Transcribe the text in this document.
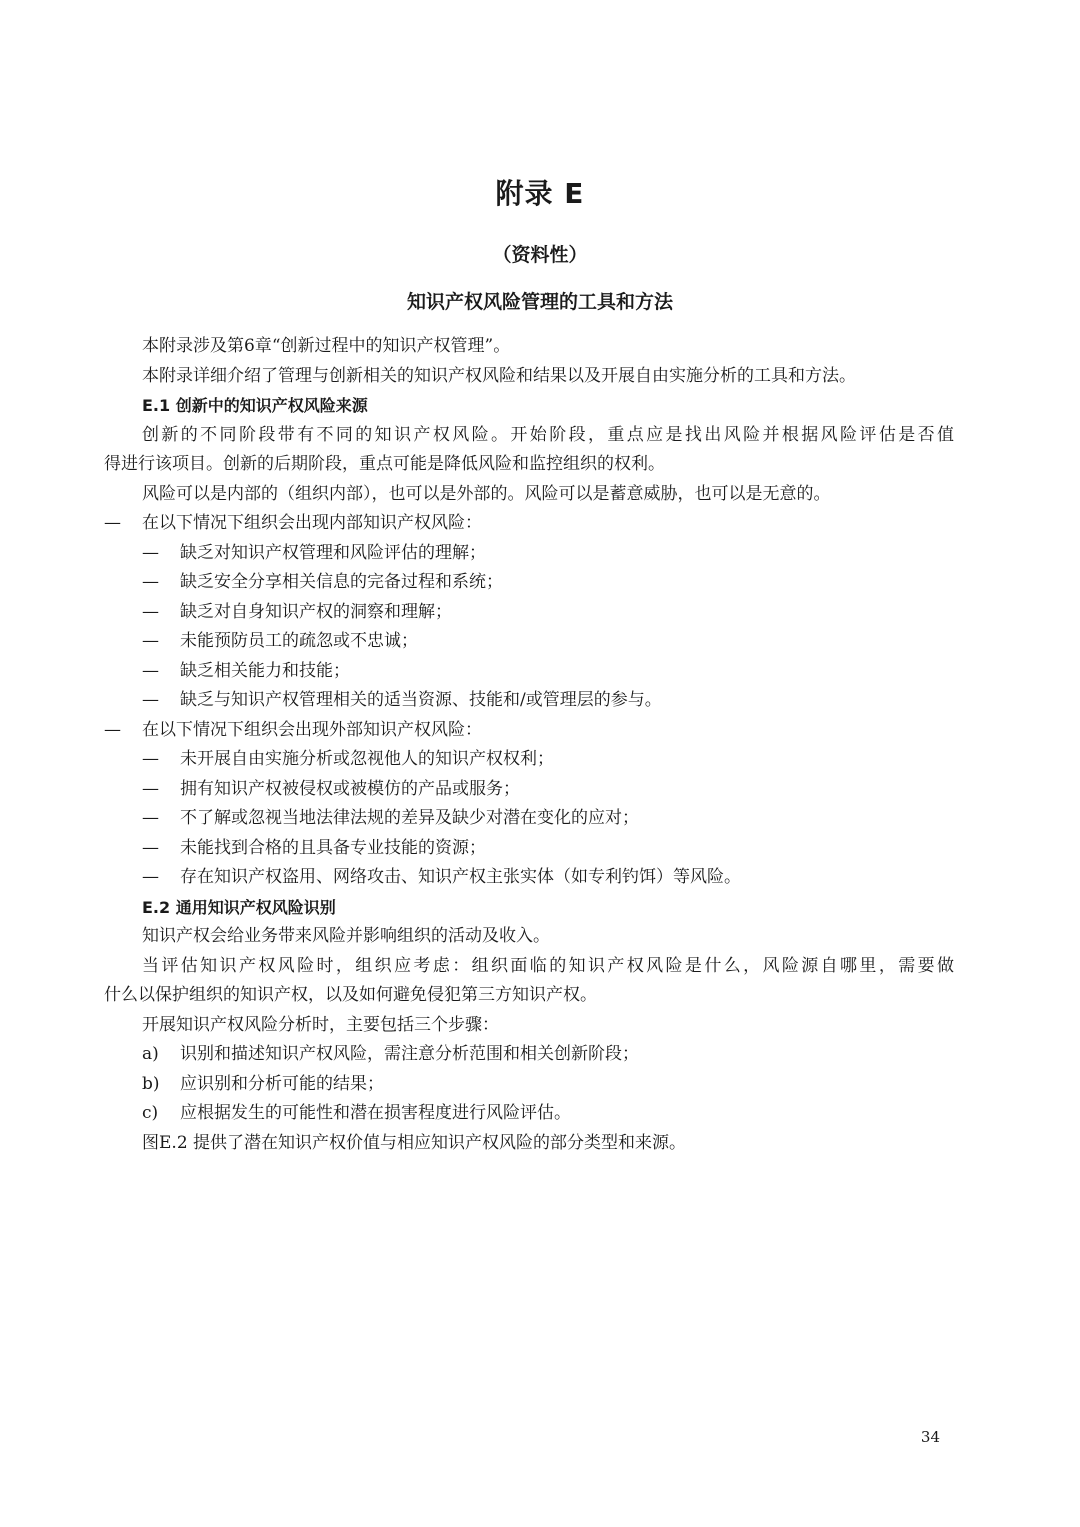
附录 E
（资料性）
知识产权风险管理的工具和方法
本附录涉及第6章“创新过程中的知识产权管理”。
本附录详细介绍了管理与创新相关的知识产权风险和结果以及开展自由实施分析的工具和方法。
E.1 创新中的知识产权风险来源
创新的不同阶段带有不同的知识产权风险。开始阶段，重点应是找出风险并根据风险评估是否值
得进行该项目。创新的后期阶段，重点可能是降低风险和监控组织的权利。
风险可以是内部的（组织内部），也可以是外部的。风险可以是蓄意威胁，也可以是无意的。
— 在以下情况下组织会出现内部知识产权风险：
— 缺乏对知识产权管理和风险评估的理解；
— 缺乏安全分享相关信息的完备过程和系统；
— 缺乏对自身知识产权的洞察和理解；
— 未能预防员工的疏忽或不忠诚；
— 缺乏相关能力和技能；
— 缺乏与知识产权管理相关的适当资源、技能和/或管理层的参与。
— 在以下情况下组织会出现外部知识产权风险：
— 未开展自由实施分析或忽视他人的知识产权权利；
— 拥有知识产权被侵权或被模仿的产品或服务；
— 不了解或忽视当地法律法规的差异及缺少对潜在变化的应对；
— 未能找到合格的且具备专业技能的资源；
— 存在知识产权盗用、网络攻击、知识产权主张实体（如专利钓饵）等风险。
E.2 通用知识产权风险识别
知识产权会给业务带来风险并影响组织的活动及收入。
当评估知识产权风险时，组织应考虑：组织面临的知识产权风险是什么，风险源自哪里，需要做
什么以保护组织的知识产权，以及如何避免侵犯第三方知识产权。
开展知识产权风险分析时，主要包括三个步骤：
a) 识别和描述知识产权风险，需注意分析范围和相关创新阶段；
b) 应识别和分析可能的结果；
c) 应根据发生的可能性和潜在损害程度进行风险评估。
图E.2 提供了潜在知识产权价值与相应知识产权风险的部分类型和来源。
34
